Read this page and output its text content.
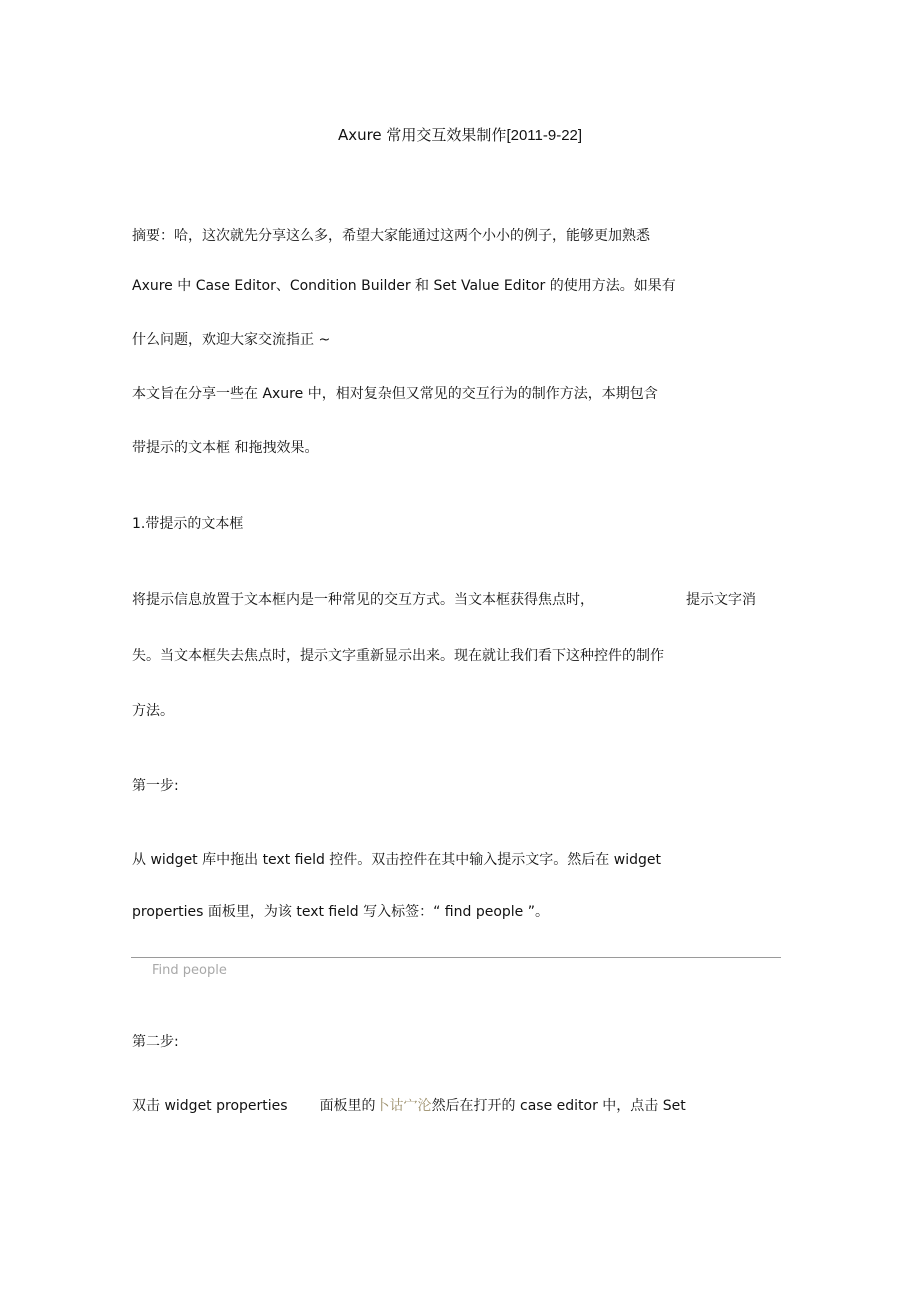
Axure 常用交互效果制作[2011-9-22]
摘要：哈，这次就先分享这么多，希望大家能通过这两个小小的例子，能够更加熟悉
Axure 中 Case Editor、Condition Builder 和 Set Value Editor 的使用方法。如果有
什么问题，欢迎大家交流指正 ~
本文旨在分享一些在 Axure 中，相对复杂但又常见的交互行为的制作方法，本期包含
带提示的文本框 和拖拽效果。
1.带提示的文本框
将提示信息放置于文本框内是一种常见的交互方式。当文本框获得焦点时，	提示文字消
失。当文本框失去焦点时，提示文字重新显示出来。现在就让我们看下这种控件的制作
方法。
第一步:
从 widget 库中拖出 text field 控件。双击控件在其中输入提示文字。然后在 widget
properties 面板里，为该 text field 写入标签：“ find people ”。
Find people
第二步:
双击 widget properties 面板里的卜诂宀沦然后在打开的 case editor 中，点击 Set
